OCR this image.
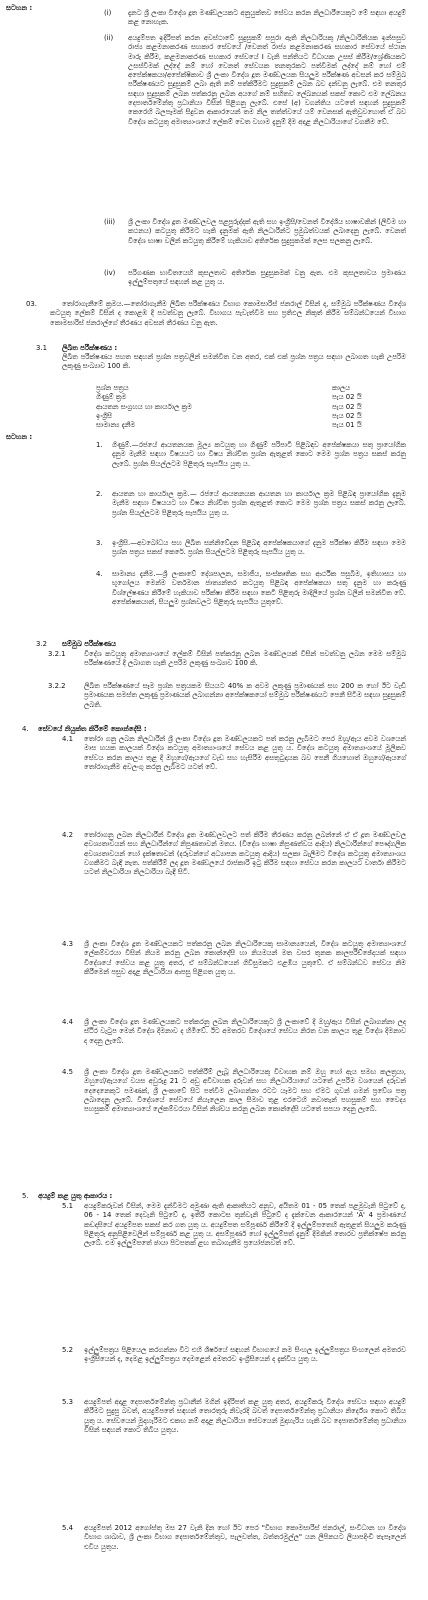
සටහන :
(i) දැනට ශ්‍රී ලංකා විදේශ දූත මණ්ඩලයකට අනුයුක්තව සේවය කරන නිලධාරීයෙකුට මේ සඳහා අයදුම් කළ නොහැක.

(ii) අයදුම්පත ඉදිරිපත් කරන අවස්ථාවේ සුදුසුකම් සපුරා ඇති නිලධාරියකු /නිලධාරිනියක ඉන්පසුව රාජ්‍ය කළමනාකරණ සහකාර සේවයේ /වෙනත් රාජ්‍ය කළමනාකරණ සහකාර සේවයේ ස්ථාන මාරු කිරීම, කළමනාකරණ සහකාර සේවයේ I වැනි පන්තියට විධායක උසස් කිරීම/ශ්‍රේණියකට උසස්වීමක් ලද්දේ නම් හෝ වෙනත් සේවයක තනතුරකට පත්වීමක් ලද්දේ නම් හෝ එම් අපේක්ෂකයා/අපේක්ෂිකාව ශ්‍රී ලංකා විදේශ දූත මණ්ඩලයක සියලුම පරීක්ෂණ අවසන් කර සම්මුඛ පරීක්ෂණයට සුදුසුකම් ලබා ඇති නම් පත්කිරීමට සුදුසුකම් ලබන බව දන්වනු ලැබේ. එම තනතුර සඳහා සුදුසුකම් ලබන පත්කරනු ලබන අයගේ නම් සහිතව ලේඛනයක් සකස් කොට එම ලේඛනය දෙපාර්තමේන්තු ප්‍රධානියා විසින් පිළිගනු ලැබේ. එසේ (අ) වගන්තිය යටතේ සඳහන් සුදුසුකම් කෙරෙහි බලපෑමක් සිදුවන ආකාරයෙන් තම නිල තත්ත්වයේ යම් වෙනසක් ඇතිවුවහොත් ඒ බව විදේශ කටයුතු අමාත්‍යාංශයේ ලේකම් වෙත වහාම දැනුම් දීම අදාළ නිලධාරියාගේ වගකීම වේ.

(iii) ශ්‍රී ලංකා විදේශ දූත මණ්ඩලවල පළපුරුද්දක් ඇති සහ ඉංග්‍රීසි/වෙනත් විදේශීය භාෂාවකින් (ලිවීම හා කථනය) කටයුතු කිරීමට හැකි දැනුමක් ඇති නිලධාරීන්ට ප්‍රමුඛත්වයක් ලබාදෙනු ලැබේ. වෙනත් විදේශ භාෂා වලින් කටයුතු කිරීමේ හැකියාව අතිරේක සුදුසුකමක් ලෙස සලකනු ලැබේ.

(iv) පරිගණක භාවිතයෙහි කුසලතාව අතිරේක සුදුසුකමක් වනු ඇත. එම කුසලතාවය ප්‍රමාණය ඉල්ලුම්පතුයේ සඳහන් කළ යුතු ය.

03.	තෝරාගැනීමේ ක්‍රමය.—තෝරාගැනීම ලිඛිත පරීක්ෂණය විභාග කොමසාරිස් ජනරාල් විසින් ද, සම්මුඛ පරීක්ෂණය විදේශ කටයුතු ලේකම් විසින් ද කොළඹ දී පවත්වනු ලැබේ. විභාගය පැවැත්වීම සහ ප්‍රතිඵල නිකුත් කිරීම සම්බන්ධයෙන් විභාග කොමසාරිස් ජනරාල්ගේ තීරණය අවසන් තීරණය වනු ඇත.

3.1 ලිඛිත පරීක්ෂණය :

ලිඛිත පරීක්ෂණය පහත සඳහන් ප්‍රශ්න පත්‍රවලින් සමන්විත වන අතර, එක් එක් ප්‍රශ්න පත්‍රය සඳහා ලබාගත හැකි උපරිම ලකුණු සංඛ්‍යාව 100 කි.

ප්‍රශ්න පත්‍රය	කාලය
ගිණුම් ක්‍රම	පැය 02 යි
ආයතන සංග්‍රහය හා කාර්යාල ක්‍රම	පැය 02 යි
ඉංග්‍රීසි	පැය 02 යි
සාමාන්‍ය දැනීම	පැය 01 යි
සටහන :
1. ගිණුම්.—රජයේ ආයතනයක මූල්‍ය කටයුතු හා ගිණුම් පරිපාටි පිළිබඳව අපේක්ෂකයා සතු ප්‍රායෝගික දැනුම මැනීම සඳහා විෂයයට හා විෂය නිශ්චිත ප්‍රශ්න ඇතුළත් කොට මෙම ප්‍රශ්න පත්‍රය සකස් කරනු ලැබේ. ප්‍රශ්න සියල්ලටම පිළිතුරු සැපයිය යුතු ය.

2. ආයතන හා කාර්යාල ක්‍රම.— රජයේ ආයතනයක ආයතන හා කාර්යාල ක්‍රම පිළිබඳ ප්‍රායෝගික දැනුම මැනීම සඳහා විෂයයට හා විෂය නිශ්චිත ප්‍රශ්න ඇතුළත් කොට මෙම ප්‍රශ්න පත්‍රය සකස් කරනු ලැබේ. ප්‍රශ්න සියල්ලටම පිළිතුරු සැපයිය යුතු ය.

3. ඉංග්‍රීසි.—අවබෝධය සහ ලිඛිත සන්නිවේදන පිළිබඳ අපේක්ෂකයාගේ දැනුම පරීක්ෂා කිරීම සඳහා මෙම ප්‍රශ්න පත්‍රය සකස් කෙරේ. ප්‍රශ්න සියල්ලටම පිළිතුරු සැපයිය යුතු ය.

4. සාමාන්‍ය දැනීම.—ශ්‍රී ලංකාවේ දේශපාලන, සමාජීය, සංස්කෘතික සහ ආර්ථික පසුබිම, ඉතිහාසය හා භූගෝලය මෙන්ම වර්තමාන ජාත්‍යන්තර කටයුතු පිළිබඳ අපේක්ෂකයා සතු දැනුම හා කරුණු විශ්ලේෂණය කිරීමේ හැකියාව පරීක්ෂා කිරීම සඳහා කෙටි පිළිතුරු මාදිලියේ ප්‍රශ්න වලින් සමන්විත වේ. අපේක්ෂකයාන්, සියලුම ප්‍රශ්නවලට පිළිතුරු සැපයිය යුතුවේ.

3.2 සම්මුඛ පරීක්ෂණය
3.2.1	විදේශ කටයුතු අමාත්‍යාංශයේ ලේකම් විසින් පත්කරනු ලබන මණ්ඩලයක් විසින් පවත්වනු ලබන මෙම සම්මුඛ පරීක්ෂණයේ දී ලබාගත හැකි උපරිම ලකුණු සංඛ්‍යාව 100 කි.

3.2.2	ලිඛිත පරීක්ෂණයේ සෑම ප්‍රශ්න පත්‍රයකම සියයට 40% ක අවම ලකුණු ප්‍රමාණයක් සහ 200 ක හෝ ඊට වැඩි ප්‍රමාණයක සමස්ත ලකුණු ප්‍රමාණයක් ලබාගන්නා අපේක්ෂකයෝ සම්මුඛ පරීක්ෂණයට පෙනී සිටීම සඳහා සුදුසුකම් ලබති.

4. සේවයේ නියුක්ත කිරීමේ කොන්දේසි :
4.1 තෝරා ගනු ලබන නිලධාරීන් ශ්‍රී ලංකා විදේශ දූත මණ්ඩලයකට පත් කරනු ලැබීමට පෙර ඔහු/ඇය අවම වශයෙන් මාස හයක කාලයක් විදේශ කටයුතු අමාත්‍යාංශයේ සේවය කළ යුතු ය. විදේශ කටයුතු අමාත්‍යාංශයේ මූලිකව සේවය කරන කාලය තුළ දී ඔහුගේ/ඇයගේ වැඩ සහ හැසිරීම අසතුටුදායක බව පෙනී ගියහොත් ඔහුගේ/ඇයගේ තෝරාගැනීම අවලංගු කරනු ලැබීමට යටත් වේ.

4.2 තෝරාගනු ලබන නිලධාරීන් විදේශ දූත මණ්ඩලවලට පත් කිරීම තීරණය කරනු ලබන්නේ ඒ ඒ දූත මණ්ඩලවල අවශ්‍යතාවයන් සහ නිලධාරීන්ගේ නිපුණතාවන් මතය. (විදේශ භාෂා නිපුණත්වය ආදිය) නිලධාරීන්ගේ පෞද්ගලික අවශ්‍යතාවයන් හෝ දැක්ෂතාවන් (දරුවන්ගේ අධ්‍යාපන කටයුතු ආදිය) සලකා බැලීමට විදේශ කටයුතු අමාත්‍යාංශය වගකීමට බැඳී නැත. පත්කිරීම් ලද දූත මණ්ඩලයේ රාජකාරි ඉටු කිරීම සඳහා සේවය කරන කාලයට වාර්තා කිරීමට යටත් නිලධාරියා නිලධාරියා බැඳී සිටී.

4.3 ශ්‍රී ලංකා විදේශ දූත මණ්ඩලයකට පත්කරනු ලබන නිලධාරියෙකු සාමාන්‍යයෙන්, විදේශ කටයුතු අමාත්‍යාංශයේ ලේකම්වරයා විසින් නියම කරනු ලබන කොන්දේසි හා නියමයන් මත වසර තුනක කාලපරිච්ඡේදයක් සඳහා විදේශයේ සේවය කළ යුතු අතර, ඒ සම්බන්ධයෙන් ගිවිසුමකට එළඹිය යුතුවේ. ඒ සම්බන්ධව සේවය නිම කිරීමෙන් පසුව අදාළ නිලධාරියා ආපසු පිළිගත යුතු ය.

4.4 ශ්‍රී ලංකා විදේශ දූත මණ්ඩලයකට පත්කරනු ලබන නිලධාරියෙකුට ශ්‍රී ලංකාවේ දී ඔහු/ඇය විසින් ලබාගන්නා ලද ස්ථිර වැටුප මෙන් විදේශ දීමනාව ද හිමිවේ. ඊට අමතරව විදේශයේ සේවය නිරත වන කාලය තුළ විදේශ දීමනාව ද දෙනු ලැබේ.

4.5 ශ්‍රී ලංකා විදේශ දූත මණ්ඩලයකට පත්කිරීම් ලැබූ නිලධාරියෙකු විවාහක නම් ඔහු හෝ ඇය සමඟ කලත්‍රයා, ඔහුගේ/ඇයගේ වයස අවුරුදු 21 ට අඩු අවිවාහක දරුවන් සහ නිලධාරියාගේ යටතේ උපරිම වශයෙන් දරුවන් දෙදෙනෙකුට පමණක්, ශ්‍රී ලංකාවේ සිට පත්වීම ලබාගන්නා රටට යෑමට සහ ඒමට ගුවන් ගමන් ප්‍රවේශ පත්‍ර ලබාදෙනු ලැබේ. විදේශයේ සේවයේ නියැලෙන කාල සීමාව තුළ එරටෙහි නවාතැන් පහසුකම් සහ වෛද්‍ය පහසුකම් අමාත්‍යාංශයේ ලේකම්වරයා විසින් නිශ්චය කරනු ලබන කොන්දේසි යටතේ සපයා දෙනු ලැබේ.

5. අයදුම් කළ යුතු ආකාරය :
5.1 අයදුම්කරුවන් විසින්, මෙම දැන්වීමට අමුණා ඇති ආකෘතියට අනුව, අයිතම 01 - 05 තෙක් පළමුවැනි පිටුවේ ද, 06 - 14 තෙක් දෙවැනි පිටුවේ ද, ඉතිරි කොටස තුන්වැනි පිටුවේ ද දැක්වෙන ආකාරයෙන් 'A' 4 ප්‍රමාණයේ කඩදාසියේ අයදුම්පත සකස් කර ගත යුතු ය. අයදුම්පත සම්පූර්ණ කිරීමේ දී ඉල්ලුම්පතෙහි ඇතුළත් සියලුම කරුණු පිළිතුරු අනුපිළිවෙලින් සම්පූර්ණ කළ යුතු ය. අසම්පූර්ණ හෝ ඉල්ලුම්පත් දැනුම් දීමකින් තොරව ප්‍රතික්ෂේප කරනු ලැබේ. එම ඉල්ලුම්පතේ ඡායා පිටපතක් ළඟ තබාගැනීම ප්‍රයෝජනවත් වේ.

5.2 ඉල්ලුම්පත්‍රය පිළියෙල කරගන්නා විට එහි ශීර්ෂයේ සඳහන් විභාගයේ නම සිංහල ඉල්ලුම්පත්‍රය සිංහලෙන් අමතරව ඉංග්‍රීසියෙන් ද, දෙමළ ඉල්ලුම්පත්‍රය දෙමළෙන් අමතරව ඉංග්‍රීසියෙන් ද දැක්විය යුතු ය.

5.3 අයදුම්පත් අදාළ දෙපාර්තමේන්තු ප්‍රධානීන් මගින් ඉදිරිපත් කළ යුතු අතර, අයදුම්කරු විදේශ සේවය සඳහා අයදුම් කිරීමට සුදුසු බවත්, අයදුම්පතේ සඳහන් තොරතුරු නිවැරදි බවත් දෙපාර්තමේන්තු ප්‍රධානියා නිර්දේශ කොට තිබිය යුතු ය. සේවයෙන් මුදාහැරීමට එකඟ නම් අදාළ නිලධාරියා සේවයෙන් මුදාහැරිය හැකි බව දෙපාර්තමේන්තු ප්‍රධානියා විසින් සඳහන් කොට තිබිය යුතුය.

5.4 අයදුම්පත් 2012 අගෝස්තු මස 27 වැනි දින හෝ ඊට පෙර "විභාග කොමසාරිස් ජනරාල්, සංවිධාන හා විදේශ විභාග ශාඛාව, ශ්‍රී ලංකා විභාග දෙපාර්තමේන්තුව, පැලවත්ත, බත්තරමුල්ල" යන ලිපිනයට ලියාපදිංචි තැපෑලෙන් එවිය යුතුය.
